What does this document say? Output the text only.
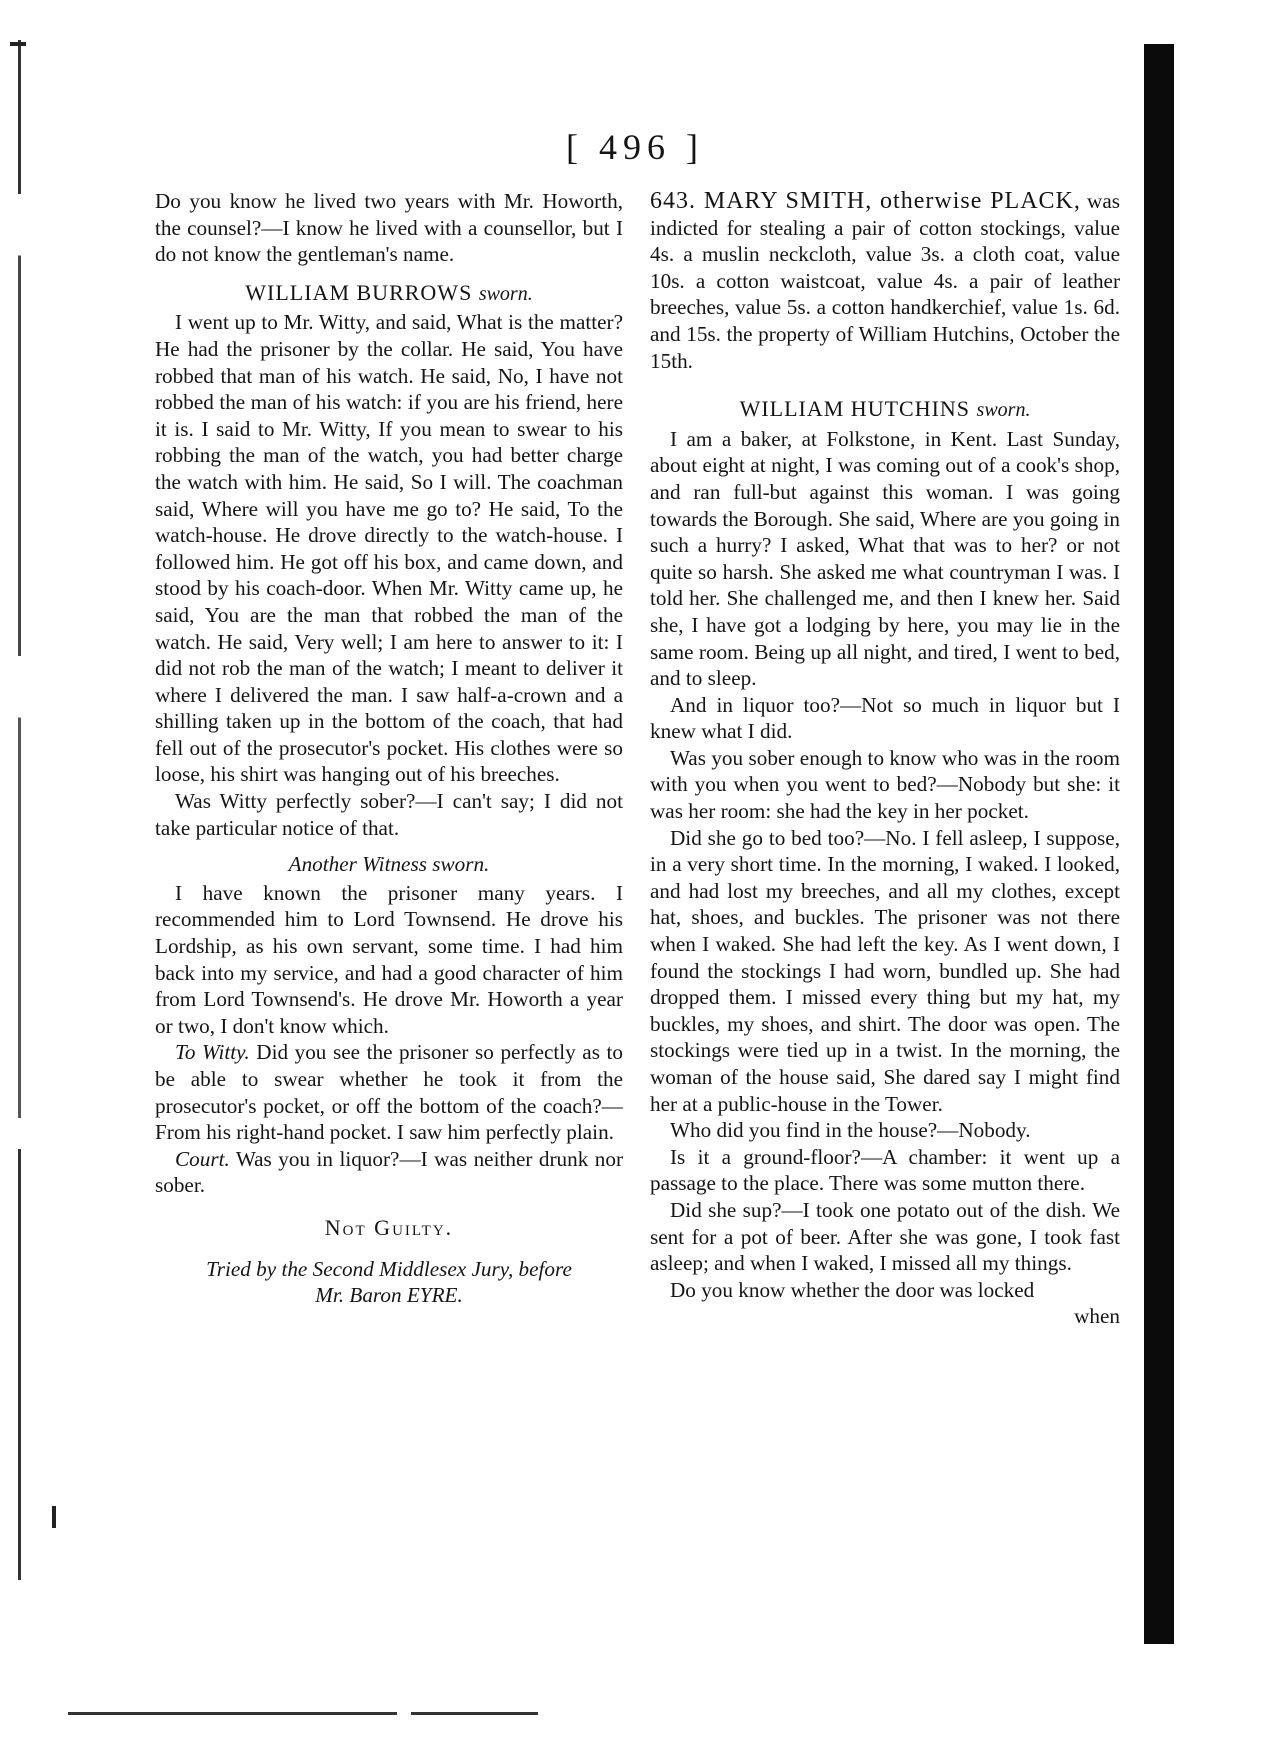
[ 496 ]

Do you know he lived two years with Mr. Howorth, the counsel?—I know he lived with a counsellor, but I do not know the gentleman's name.

WILLIAM BURROWS sworn.

I went up to Mr. Witty, and said, What is the matter? He had the prisoner by the collar. He said, You have robbed that man of his watch. He said, No, I have not robbed the man of his watch: if you are his friend, here it is. I said to Mr. Witty, If you mean to swear to his robbing the man of the watch, you had better charge the watch with him. He said, So I will. The coachman said, Where will you have me go to? He said, To the watch-house. He drove directly to the watch-house. I followed him. He got off his box, and came down, and stood by his coach-door. When Mr. Witty came up, he said, You are the man that robbed the man of the watch. He said, Very well; I am here to answer to it: I did not rob the man of the watch; I meant to deliver it where I delivered the man. I saw half-a-crown and a shilling taken up in the bottom of the coach, that had fell out of the prosecutor's pocket. His clothes were so loose, his shirt was hanging out of his breeches.

Was Witty perfectly sober?—I can't say; I did not take particular notice of that.

Another Witness sworn.

I have known the prisoner many years. I recommended him to Lord Townsend. He drove his Lordship, as his own servant, some time. I had him back into my service, and had a good character of him from Lord Townsend's. He drove Mr. Howorth a year or two, I don't know which.

To Witty. Did you see the prisoner so perfectly as to be able to swear whether he took it from the prosecutor's pocket, or off the bottom of the coach?—From his right-hand pocket. I saw him perfectly plain.

Court. Was you in liquor?—I was neither drunk nor sober.

Not Guilty.
Tried by the Second Middlesex Jury, before
Mr. Baron EYRE.

643. MARY SMITH, otherwise PLACK, was indicted for stealing a pair of cotton stockings, value 4s. a muslin neckcloth, value 3s. a cloth coat, value 10s. a cotton waistcoat, value 4s. a pair of leather breeches, value 5s. a cotton handkerchief, value 1s. 6d. and 15s. the property of William Hutchins, October the 15th.

WILLIAM HUTCHINS sworn.

I am a baker, at Folkstone, in Kent. Last Sunday, about eight at night, I was coming out of a cook's shop, and ran full-but against this woman. I was going towards the Borough. She said, Where are you going in such a hurry? I asked, What that was to her? or not quite so harsh. She asked me what countryman I was. I told her. She challenged me, and then I knew her. Said she, I have got a lodging by here, you may lie in the same room. Being up all night, and tired, I went to bed, and to sleep.

And in liquor too?—Not so much in liquor but I knew what I did.

Was you sober enough to know who was in the room with you when you went to bed?—Nobody but she: it was her room: she had the key in her pocket.

Did she go to bed too?—No. I fell asleep, I suppose, in a very short time. In the morning, I waked. I looked, and had lost my breeches, and all my clothes, except hat, shoes, and buckles. The prisoner was not there when I waked. She had left the key. As I went down, I found the stockings I had worn, bundled up. She had dropped them. I missed every thing but my hat, my buckles, my shoes, and shirt. The door was open. The stockings were tied up in a twist. In the morning, the woman of the house said, She dared say I might find her at a public-house in the Tower.

Who did you find in the house?—Nobody.

Is it a ground-floor?—A chamber: it went up a passage to the place. There was some mutton there.

Did she sup?—I took one potato out of the dish. We sent for a pot of beer. After she was gone, I took fast asleep; and when I waked, I missed all my things.

Do you know whether the door was locked

when
